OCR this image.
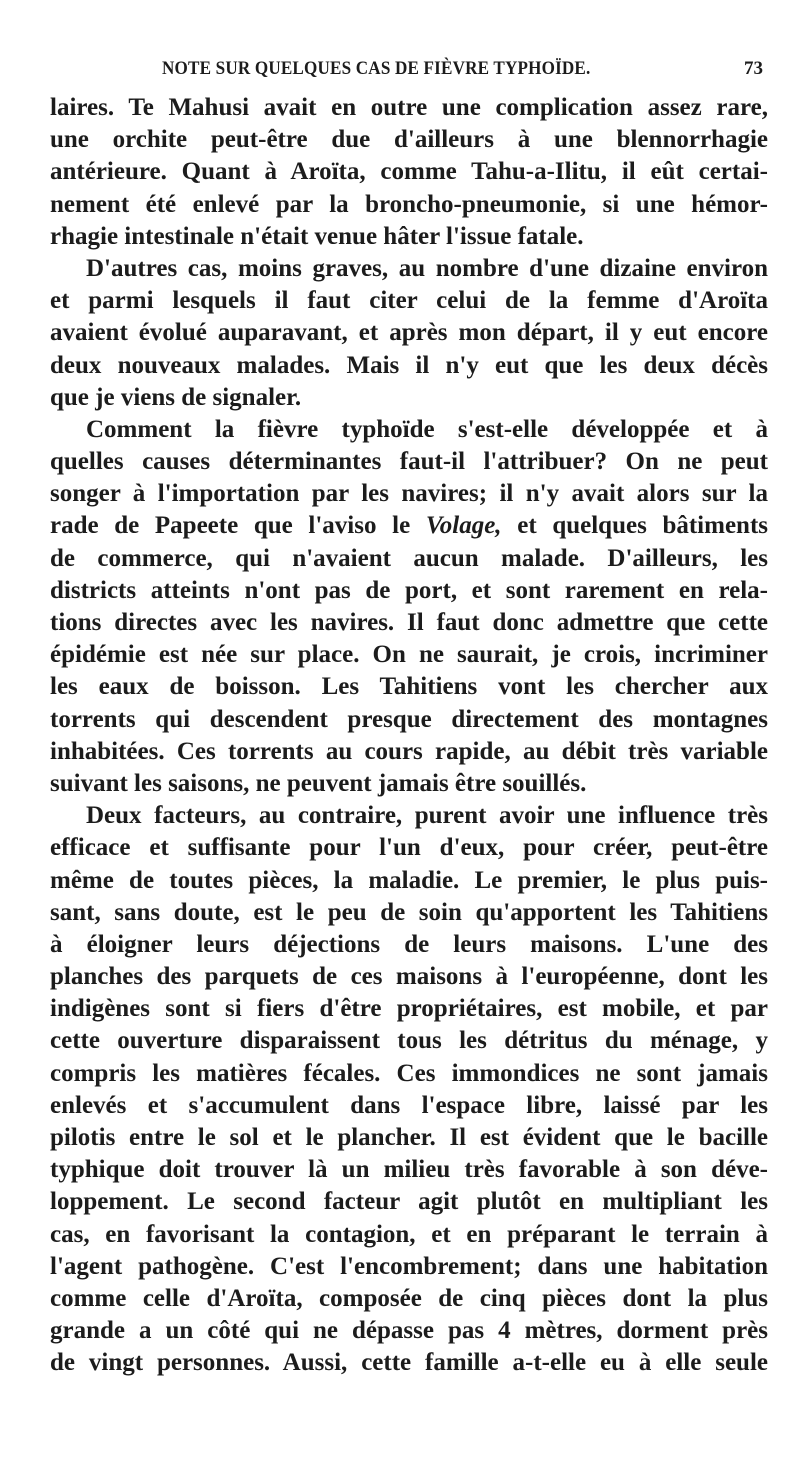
NOTE SUR QUELQUES CAS DE FIÈVRE TYPHOÏDE.	73
laires. Te Mahusi avait en outre une complication assez rare,
une orchite peut-être due d'ailleurs à une blennorrhagie
antérieure. Quant à Aroïta, comme Tahu-a-Ilitu, il eût certai-
nement été enlevé par la broncho-pneumonie, si une hémor-
rhagie intestinale n'était venue hâter l'issue fatale.
D'autres cas, moins graves, au nombre d'une dizaine environ
et parmi lesquels il faut citer celui de la femme d'Aroïta
avaient évolué auparavant, et après mon départ, il y eut encore
deux nouveaux malades. Mais il n'y eut que les deux décès
que je viens de signaler.
Comment la fièvre typhoïde s'est-elle développée et à
quelles causes déterminantes faut-il l'attribuer? On ne peut
songer à l'importation par les navires; il n'y avait alors sur la
rade de Papeete que l'aviso le Volage, et quelques bâtiments
de commerce, qui n'avaient aucun malade. D'ailleurs, les
districts atteints n'ont pas de port, et sont rarement en rela-
tions directes avec les navires. Il faut donc admettre que cette
épidémie est née sur place. On ne saurait, je crois, incriminer
les eaux de boisson. Les Tahitiens vont les chercher aux
torrents qui descendent presque directement des montagnes
inhabitées. Ces torrents au cours rapide, au débit très variable
suivant les saisons, ne peuvent jamais être souillés.
Deux facteurs, au contraire, purent avoir une influence très
efficace et suffisante pour l'un d'eux, pour créer, peut-être
même de toutes pièces, la maladie. Le premier, le plus puis-
sant, sans doute, est le peu de soin qu'apportent les Tahitiens
à éloigner leurs déjections de leurs maisons. L'une des
planches des parquets de ces maisons à l'européenne, dont les
indigènes sont si fiers d'être propriétaires, est mobile, et par
cette ouverture disparaissent tous les détritus du ménage, y
compris les matières fécales. Ces immondices ne sont jamais
enlevés et s'accumulent dans l'espace libre, laissé par les
pilotis entre le sol et le plancher. Il est évident que le bacille
typhique doit trouver là un milieu très favorable à son déve-
loppement. Le second facteur agit plutôt en multipliant les
cas, en favorisant la contagion, et en préparant le terrain à
l'agent pathogène. C'est l'encombrement; dans une habitation
comme celle d'Aroïta, composée de cinq pièces dont la plus
grande a un côté qui ne dépasse pas 4 mètres, dorment près
de vingt personnes. Aussi, cette famille a-t-elle eu à elle seule
